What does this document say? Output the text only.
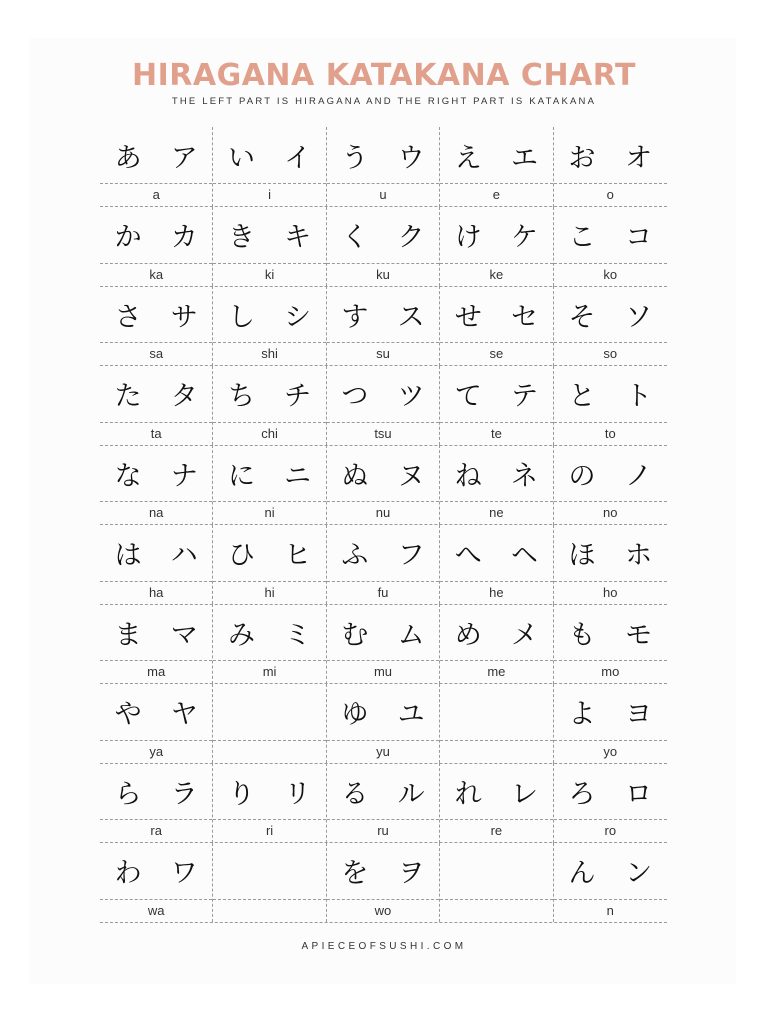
HIRAGANA KATAKANA CHART
THE LEFT PART IS HIRAGANA AND THE RIGHT PART IS KATAKANA
あ ア
a
い イ
i
う ウ
u
え エ
e
お オ
o
か カ
ka
き キ
ki
く ク
ku
け ケ
ke
こ コ
ko
さ サ
sa
し シ
shi
す ス
su
せ セ
se
そ ソ
so
た タ
ta
ち チ
chi
つ ツ
tsu
て テ
te
と ト
to
な ナ
na
に ニ
ni
ぬ ヌ
nu
ね ネ
ne
の ノ
no
は ハ
ha
ひ ヒ
hi
ふ フ
fu
へ ヘ
he
ほ ホ
ho
ま マ
ma
み ミ
mi
む ム
mu
め メ
me
も モ
mo
や ヤ
ya
ゆ ユ
yu
よ ヨ
yo
ら ラ
ra
り リ
ri
る ル
ru
れ レ
re
ろ ロ
ro
わ ワ
wa
を ヲ
wo
ん ン
n
APIECEOFSUSHI.COM
